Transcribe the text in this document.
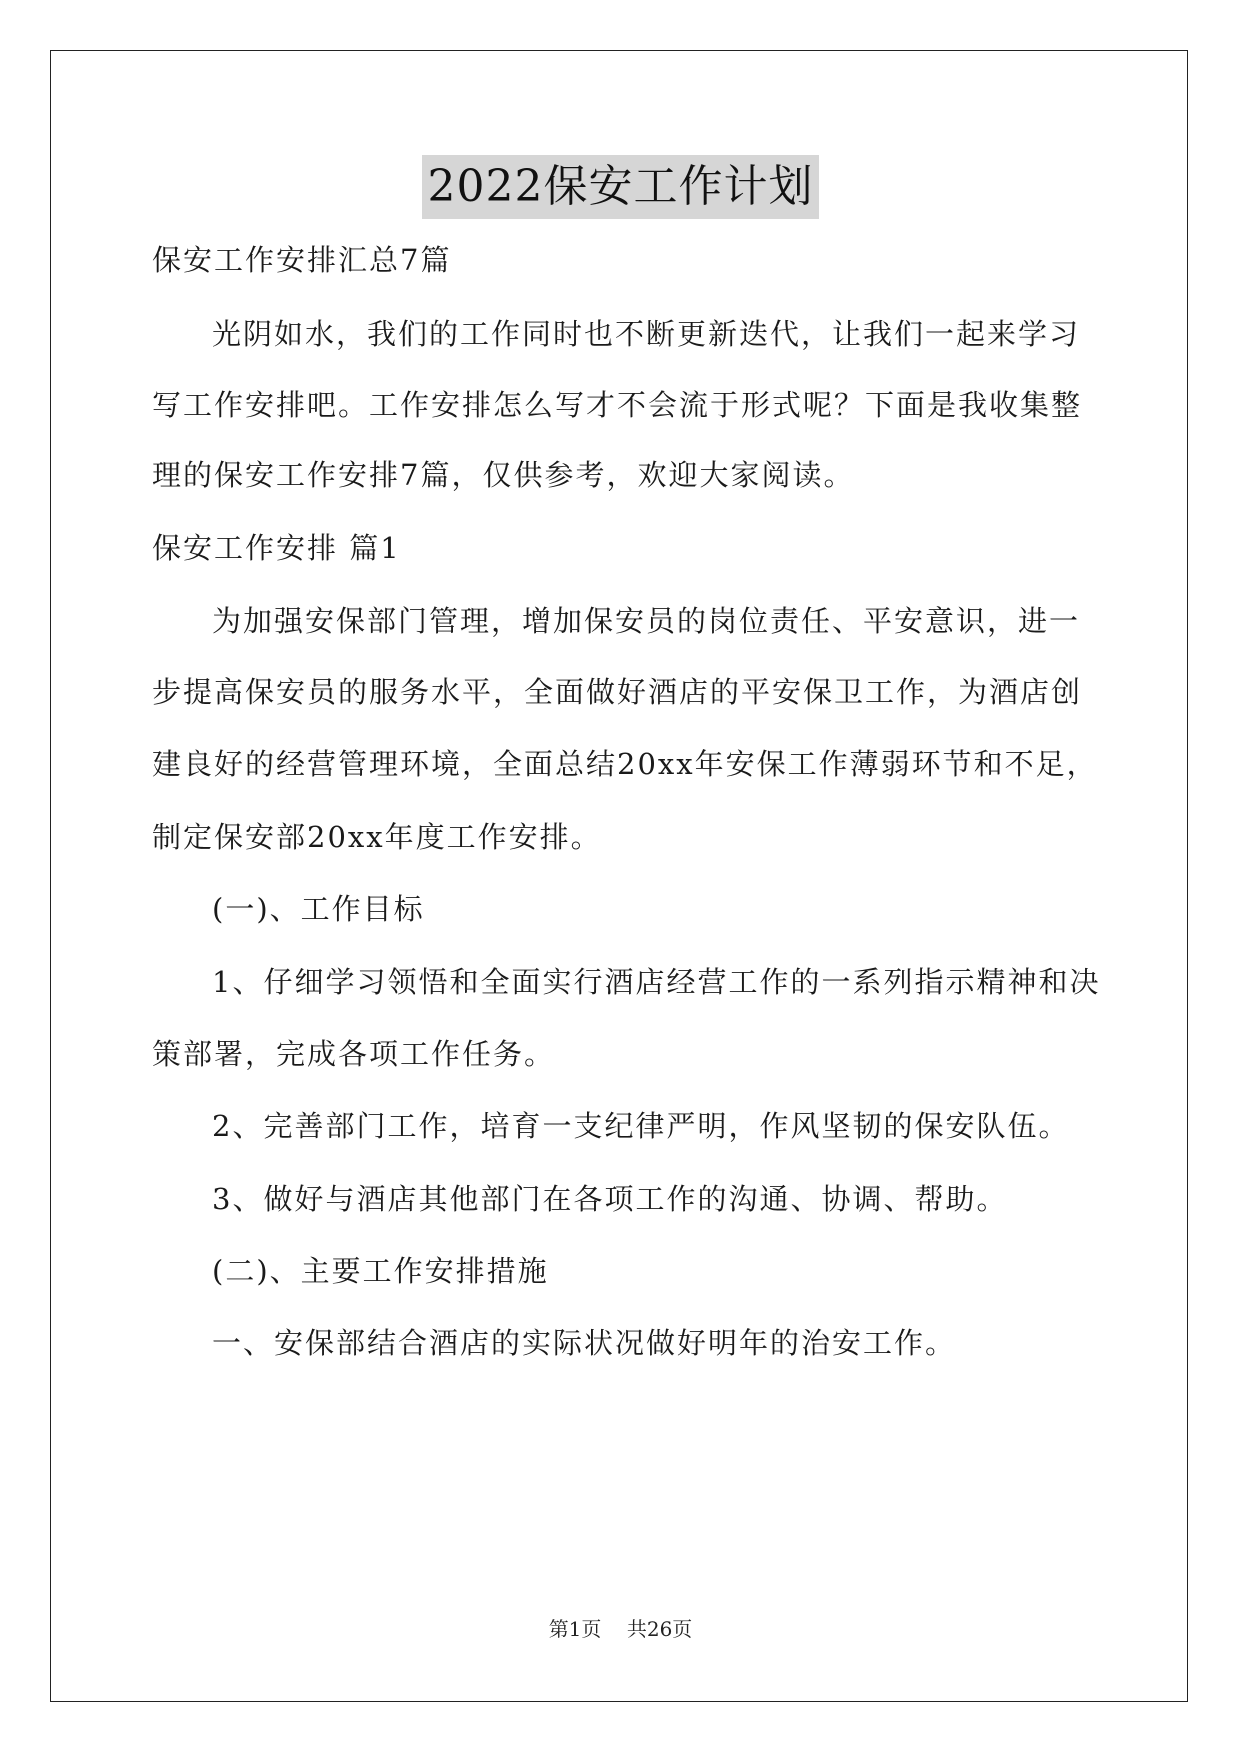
2022保安工作计划
保安工作安排汇总7篇
光阴如水，我们的工作同时也不断更新迭代，让我们一起来学习
写工作安排吧。工作安排怎么写才不会流于形式呢？下面是我收集整
理的保安工作安排7篇，仅供参考，欢迎大家阅读。
保安工作安排 篇1
为加强安保部门管理，增加保安员的岗位责任、平安意识，进一
步提高保安员的服务水平，全面做好酒店的平安保卫工作，为酒店创
建良好的经营管理环境，全面总结20xx年安保工作薄弱环节和不足，
制定保安部20xx年度工作安排。
(一)、工作目标
1、仔细学习领悟和全面实行酒店经营工作的一系列指示精神和决
策部署，完成各项工作任务。
2、完善部门工作，培育一支纪律严明，作风坚韧的保安队伍。
3、做好与酒店其他部门在各项工作的沟通、协调、帮助。
(二)、主要工作安排措施
一、安保部结合酒店的实际状况做好明年的治安工作。
第1页    共26页
